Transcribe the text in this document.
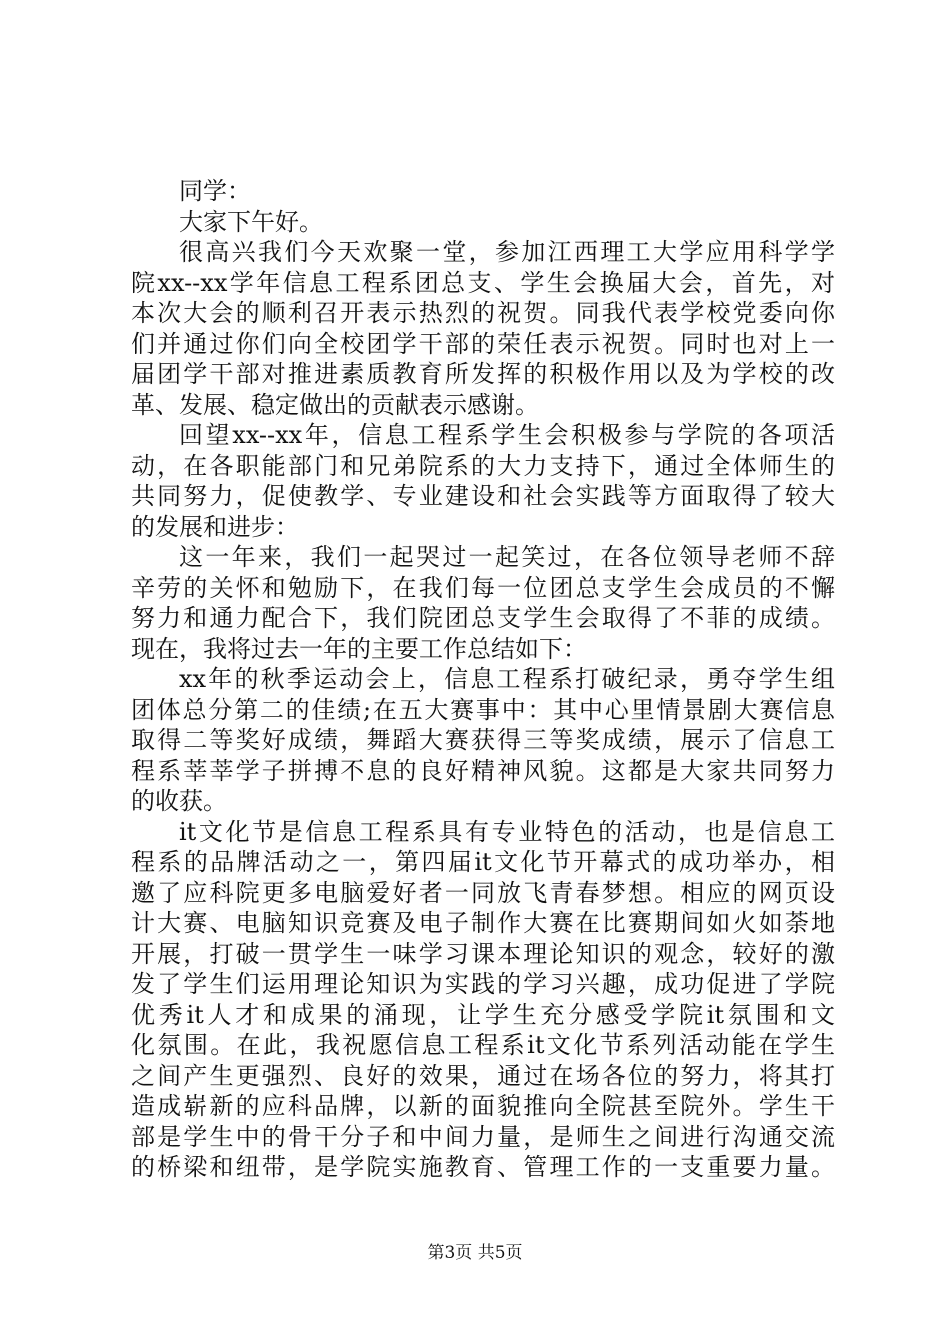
同学：
大家下午好。
很高兴我们今天欢聚一堂，参加江西理工大学应用科学学
院xx--xx学年信息工程系团总支、学生会换届大会，首先，对
本次大会的顺利召开表示热烈的祝贺。同我代表学校党委向你
们并通过你们向全校团学干部的荣任表示祝贺。同时也对上一
届团学干部对推进素质教育所发挥的积极作用以及为学校的改
革、发展、稳定做出的贡献表示感谢。
回望xx--xx年，信息工程系学生会积极参与学院的各项活
动，在各职能部门和兄弟院系的大力支持下，通过全体师生的
共同努力，促使教学、专业建设和社会实践等方面取得了较大
的发展和进步：
这一年来，我们一起哭过一起笑过，在各位领导老师不辞
辛劳的关怀和勉励下，在我们每一位团总支学生会成员的不懈
努力和通力配合下，我们院团总支学生会取得了不菲的成绩。
现在，我将过去一年的主要工作总结如下：
xx年的秋季运动会上，信息工程系打破纪录，勇夺学生组
团体总分第二的佳绩;在五大赛事中：其中心里情景剧大赛信息
取得二等奖好成绩，舞蹈大赛获得三等奖成绩，展示了信息工
程系莘莘学子拼搏不息的良好精神风貌。这都是大家共同努力
的收获。
it文化节是信息工程系具有专业特色的活动，也是信息工
程系的品牌活动之一，第四届it文化节开幕式的成功举办，相
邀了应科院更多电脑爱好者一同放飞青春梦想。相应的网页设
计大赛、电脑知识竞赛及电子制作大赛在比赛期间如火如荼地
开展，打破一贯学生一味学习课本理论知识的观念，较好的激
发了学生们运用理论知识为实践的学习兴趣，成功促进了学院
优秀it人才和成果的涌现，让学生充分感受学院it氛围和文
化氛围。在此，我祝愿信息工程系it文化节系列活动能在学生
之间产生更强烈、良好的效果，通过在场各位的努力，将其打
造成崭新的应科品牌，以新的面貌推向全院甚至院外。学生干
部是学生中的骨干分子和中间力量，是师生之间进行沟通交流
的桥梁和纽带，是学院实施教育、管理工作的一支重要力量。
第3页 共5页
